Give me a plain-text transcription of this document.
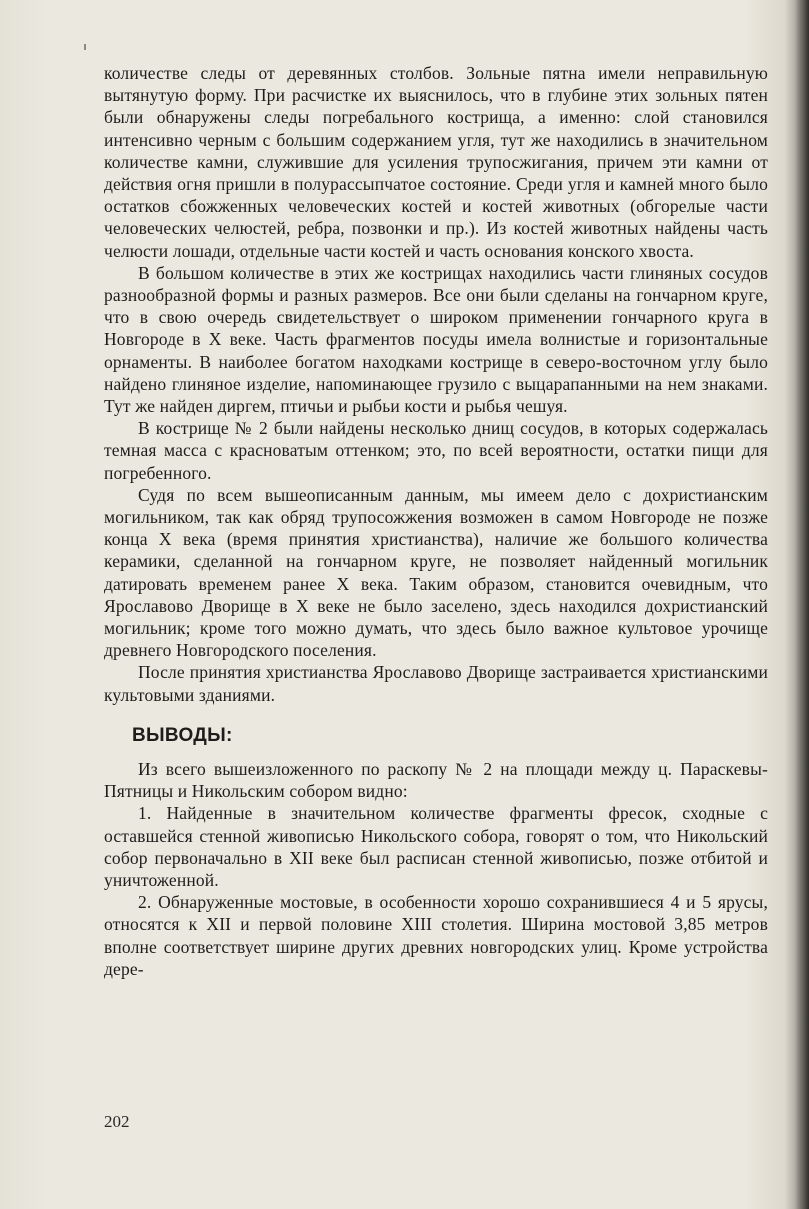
количестве следы от деревянных столбов. Зольные пятна имели неправильную вытянутую форму. При расчистке их выяснилось, что в глубине этих зольных пятен были обнаружены следы погребального кострища, а именно: слой становился интенсивно черным с большим содержанием угля, тут же находились в значительном количестве камни, служившие для усиления трупосжигания, причем эти камни от действия огня пришли в полурассыпчатое состояние. Среди угля и камней много было остатков сбожженных человеческих костей и костей животных (обгорелые части человеческих челюстей, ребра, позвонки и пр.). Из костей животных найдены часть челюсти лошади, отдельные части костей и часть основания конского хвоста.

В большом количестве в этих же кострищах находились части глиняных сосудов разнообразной формы и разных размеров. Все они были сделаны на гончарном круге, что в свою очередь свидетельствует о широком применении гончарного круга в Новгороде в X веке. Часть фрагментов посуды имела волнистые и горизонтальные орнаменты. В наиболее богатом находками кострище в северо-восточном углу было найдено глиняное изделие, напоминающее грузило с выцарапанными на нем знаками. Тут же найден диргем, птичьи и рыбьи кости и рыбья чешуя.

В кострище № 2 были найдены несколько днищ сосудов, в которых содержалась темная масса с красноватым оттенком; это, по всей вероятности, остатки пищи для погребенного.

Судя по всем вышеописанным данным, мы имеем дело с дохристианским могильником, так как обряд трупосожжения возможен в самом Новгороде не позже конца X века (время принятия христианства), наличие же большого количества керамики, сделанной на гончарном круге, не позволяет найденный могильник датировать временем ранее X века. Таким образом, становится очевидным, что Ярославово Дворище в X веке не было заселено, здесь находился дохристианский могильник; кроме того можно думать, что здесь было важное культовое урочище древнего Новгородского поселения.

После принятия христианства Ярославово Дворище застраивается христианскими культовыми зданиями.

ВЫВОДЫ:

Из всего вышеизложенного по раскопу № 2 на площади между ц. Параскевы-Пятницы и Никольским собором видно:

1. Найденные в значительном количестве фрагменты фресок, сходные с оставшейся стенной живописью Никольского собора, говорят о том, что Никольский собор первоначально в XII веке был расписан стенной живописью, позже отбитой и уничтоженной.

2. Обнаруженные мостовые, в особенности хорошо сохранившиеся 4 и 5 ярусы, относятся к XII и первой половине XIII столетия. Ширина мостовой 3,85 метров вполне соответствует ширине других древних новгородских улиц. Кроме устройства дере-

202
